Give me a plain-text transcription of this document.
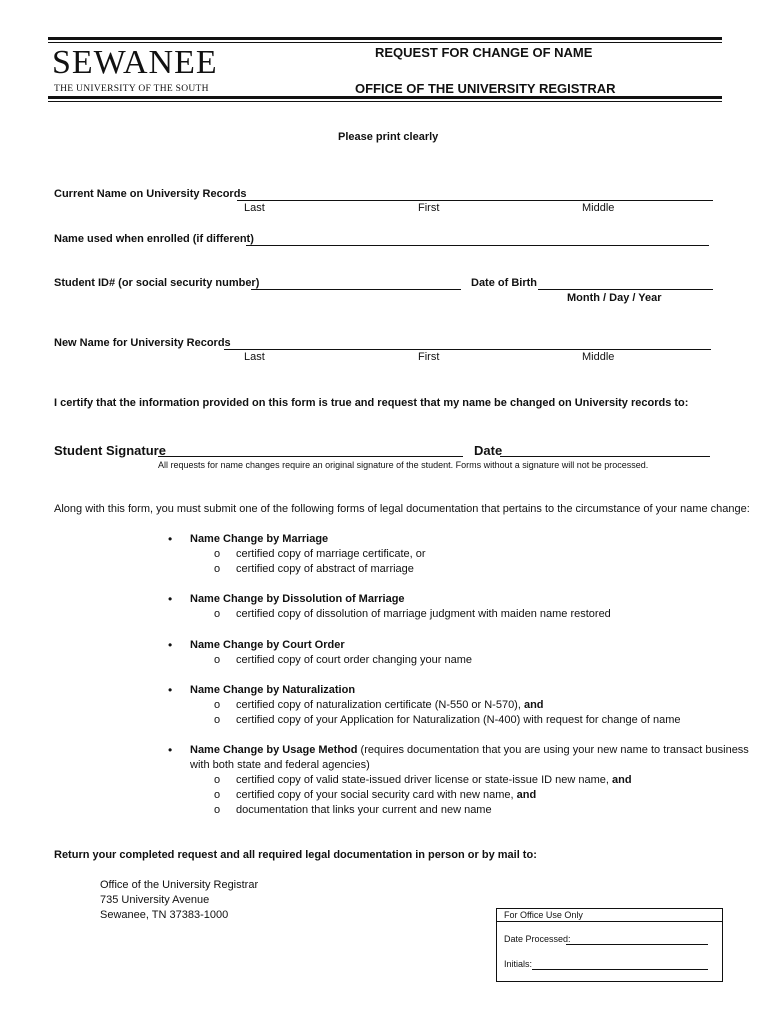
SEWANEE
THE UNIVERSITY OF THE SOUTH
REQUEST FOR CHANGE OF NAME
OFFICE OF THE UNIVERSITY REGISTRAR
Please print clearly
Current Name on University Records
Last	First	Middle
Name used when enrolled (if different)
Student ID# (or social security number)	Date of Birth
Month / Day / Year
New Name for University Records
Last	First	Middle
I certify that the information provided on this form is true and request that my name be changed on University records to:
Student Signature	Date
All requests for name changes require an original signature of the student. Forms without a signature will not be processed.
Along with this form, you must submit one of the following forms of legal documentation that pertains to the circumstance of your name change:
• Name Change by Marriage
o certified copy of marriage certificate, or
o certified copy of abstract of marriage
• Name Change by Dissolution of Marriage
o certified copy of dissolution of marriage judgment with maiden name restored
• Name Change by Court Order
o certified copy of court order changing your name
• Name Change by Naturalization
o certified copy of naturalization certificate (N-550 or N-570), and
o certified copy of your Application for Naturalization (N-400) with request for change of name
• Name Change by Usage Method (requires documentation that you are using your new name to transact business
with both state and federal agencies)
o certified copy of valid state-issued driver license or state-issue ID new name, and
o certified copy of your social security card with new name, and
o documentation that links your current and new name
Return your completed request and all required legal documentation in person or by mail to:
Office of the University Registrar
735 University Avenue
Sewanee, TN 37383-1000	For Office Use Only
Date Processed:
Initials:
